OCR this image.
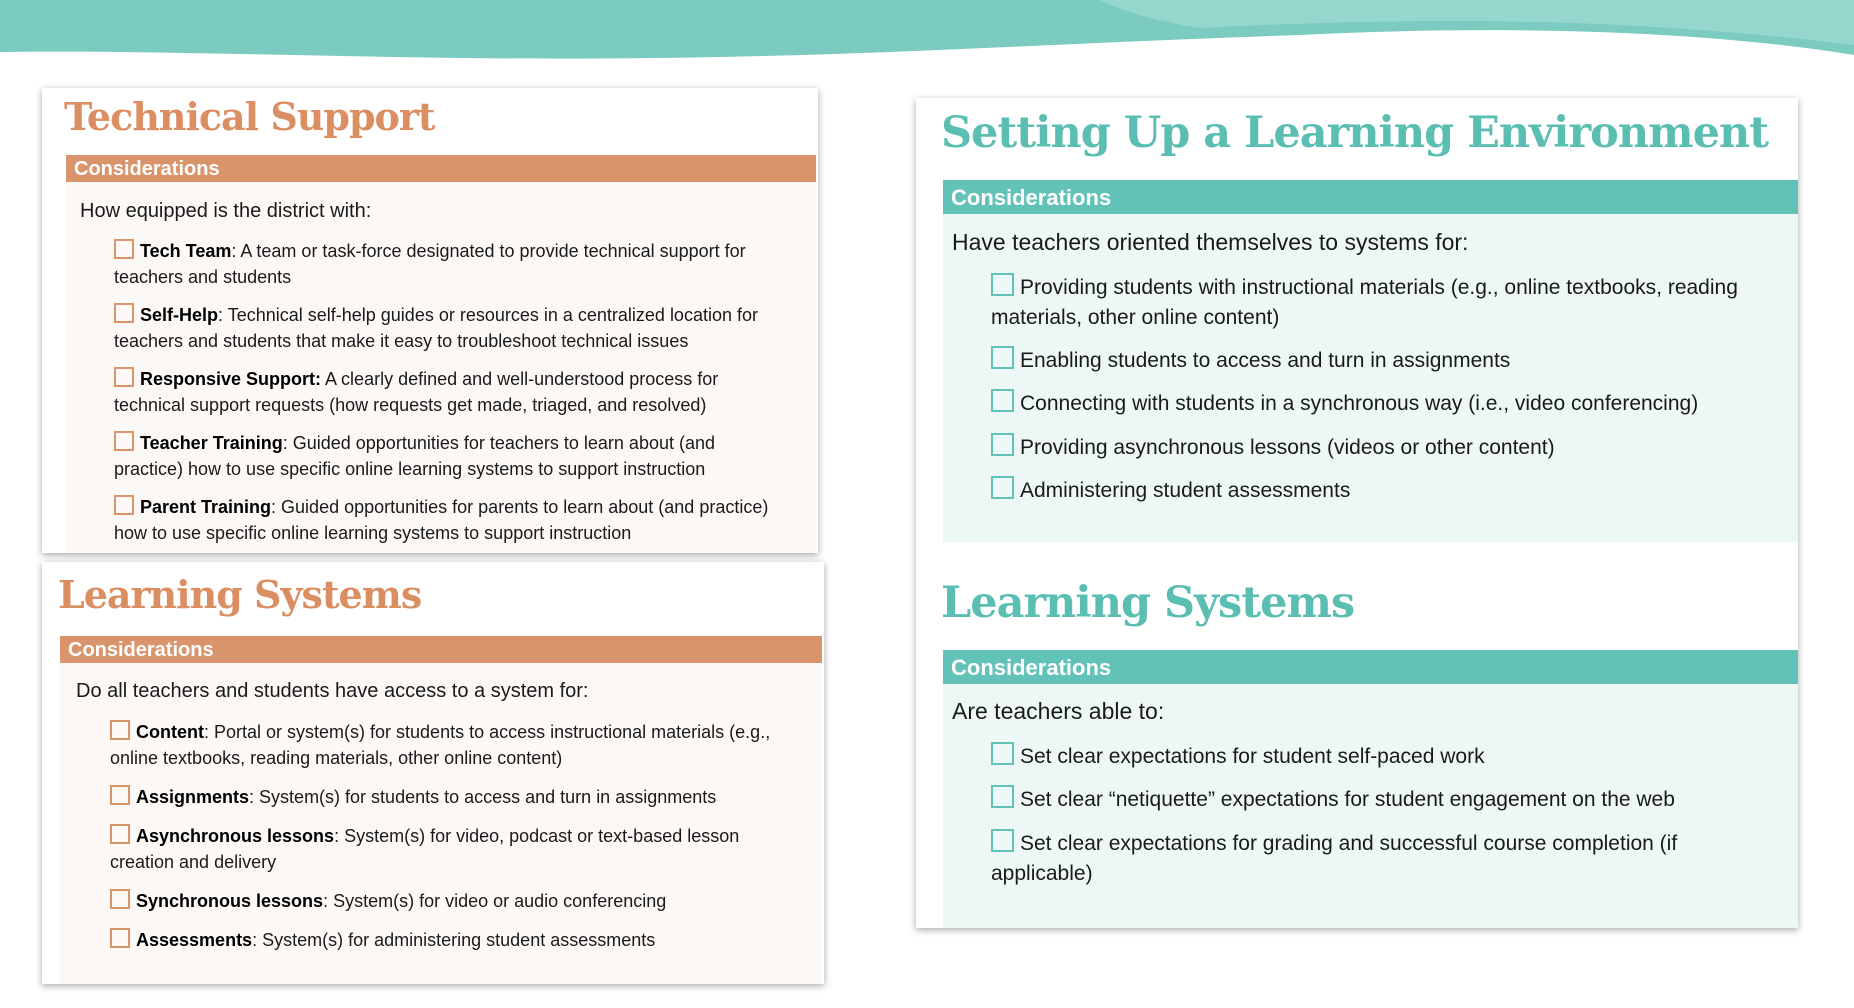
Technical Support
Considerations

How equipped is the district with:

Tech Team: A team or task-force designated to provide technical support for teachers and students
Self-Help: Technical self-help guides or resources in a centralized location for teachers and students that make it easy to troubleshoot technical issues
Responsive Support: A clearly defined and well-understood process for technical support requests (how requests get made, triaged, and resolved)
Teacher Training: Guided opportunities for teachers to learn about (and practice) how to use specific online learning systems to support instruction
Parent Training: Guided opportunities for parents to learn about (and practice) how to use specific online learning systems to support instruction
Learning Systems
Considerations

Do all teachers and students have access to a system for:

Content: Portal or system(s) for students to access instructional materials (e.g., online textbooks, reading materials, other online content)
Assignments: System(s) for students to access and turn in assignments
Asynchronous lessons: System(s) for video, podcast or text-based lesson creation and delivery
Synchronous lessons: System(s) for video or audio conferencing
Assessments: System(s) for administering student assessments
Setting Up a Learning Environment
Considerations

Have teachers oriented themselves to systems for:

Providing students with instructional materials (e.g., online textbooks, reading materials, other online content)
Enabling students to access and turn in assignments
Connecting with students in a synchronous way (i.e., video conferencing)
Providing asynchronous lessons (videos or other content)
Administering student assessments
Learning Systems
Considerations

Are teachers able to:

Set clear expectations for student self-paced work
Set clear “netiquette” expectations for student engagement on the web
Set clear expectations for grading and successful course completion (if applicable)
